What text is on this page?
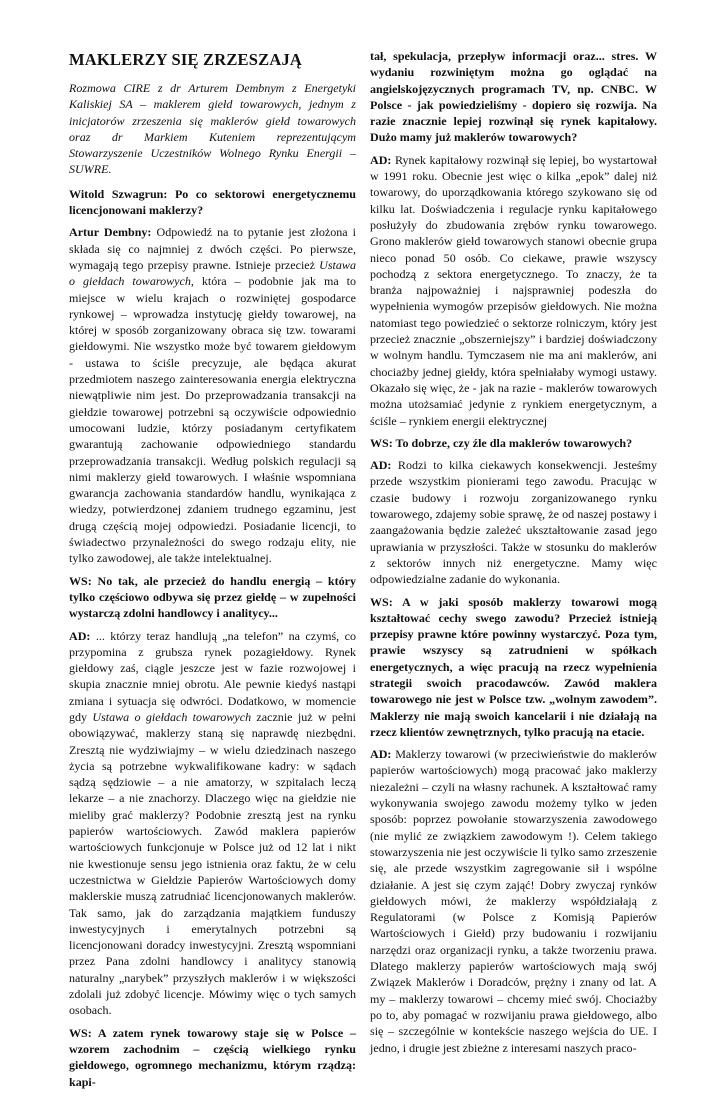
MAKLERZY SIĘ ZRZESZAJĄ

Rozmowa CIRE z dr Arturem Dembnym z Energetyki Kaliskiej SA – maklerem giełd towarowych, jednym z inicjatorów zrzeszenia się maklerów giełd towarowych oraz dr Markiem Kuteniem reprezentującym Stowarzyszenie Uczestników Wolnego Rynku Energii – SUWRE.

Witold Szwagrun: Po co sektorowi energetycznemu licencjonowani maklerzy?

Artur Dembny: Odpowiedź na to pytanie jest złożona i składa się co najmniej z dwóch części. Po pierwsze, wymagają tego przepisy prawne. Istnieje przecież Ustawa o giełdach towarowych, która – podobnie jak ma to miejsce w wielu krajach o rozwiniętej gospodarce rynkowej – wprowadza instytucję giełdy towarowej, na której w sposób zorganizowany obraca się tzw. towarami giełdowymi. Nie wszystko może być towarem giełdowym - ustawa to ściśle precyzuje, ale będąca akurat przedmiotem naszego zainteresowania energia elektryczna niewątpliwie nim jest. Do przeprowadzania transakcji na giełdzie towarowej potrzebni są oczywiście odpowiednio umocowani ludzie, którzy posiadanym certyfikatem gwarantują zachowanie odpowiedniego standardu przeprowadzania transakcji. Według polskich regulacji są nimi maklerzy giełd towarowych. I właśnie wspomniana gwarancja zachowania standardów handlu, wynikająca z wiedzy, potwierdzonej zdaniem trudnego egzaminu, jest drugą częścią mojej odpowiedzi. Posiadanie licencji, to świadectwo przynależności do swego rodzaju elity, nie tylko zawodowej, ale także intelektualnej.

WS: No tak, ale przecież do handlu energią – który tylko częściowo odbywa się przez giełdę – w zupełności wystarczą zdolni handlowcy i analitycy...

AD: ... którzy teraz handlują „na telefon” na czymś, co przypomina z grubsza rynek pozagiełdowy. Rynek giełdowy zaś, ciągle jeszcze jest w fazie rozwojowej i skupia znacznie mniej obrotu. Ale pewnie kiedyś nastąpi zmiana i sytuacja się odwróci. Dodatkowo, w momencie gdy Ustawa o giełdach towarowych zacznie już w pełni obowiązywać, maklerzy staną się naprawdę niezbędni. Zresztą nie wydziwiajmy – w wielu dziedzinach naszego życia są potrzebne wykwalifikowane kadry: w sądach sądzą sędziowie – a nie amatorzy, w szpitalach leczą lekarze – a nie znachorzy. Dlaczego więc na giełdzie nie mieliby grać maklerzy? Podobnie zresztą jest na rynku papierów wartościowych. Zawód maklera papierów wartościowych funkcjonuje w Polsce już od 12 lat i nikt nie kwestionuje sensu jego istnienia oraz faktu, że w celu uczestnictwa w Giełdzie Papierów Wartościowych domy maklerskie muszą zatrudniać licencjonowanych maklerów. Tak samo, jak do zarządzania majątkiem funduszy inwestycyjnych i emerytalnych potrzebni są licencjonowani doradcy inwestycyjni. Zresztą wspomniani przez Pana zdolni handlowcy i analitycy stanowią naturalny „narybek” przyszłych maklerów i w większości zdolali już zdobyć licencje. Mówimy więc o tych samych osobach.

WS: A zatem rynek towarowy staje się w Polsce – wzorem zachodnim – częścią wielkiego rynku giełdowego, ogromnego mechanizmu, którym rządzą: kapi-

tał, spekulacja, przepływ informacji oraz... stres. W wydaniu rozwiniętym można go oglądać na angielskojęzycznych programach TV, np. CNBC. W Polsce - jak powiedzieliśmy - dopiero się rozwija. Na razie znacznie lepiej rozwinął się rynek kapitałowy. Dużo mamy już maklerów towarowych?

AD: Rynek kapitałowy rozwinął się lepiej, bo wystartował w 1991 roku. Obecnie jest więc o kilka „epok” dalej niż towarowy, do uporządkowania którego szykowano się od kilku lat. Doświadczenia i regulacje rynku kapitałowego posłużyły do zbudowania zrębów rynku towarowego. Grono maklerów giełd towarowych stanowi obecnie grupa nieco ponad 50 osób. Co ciekawe, prawie wszyscy pochodzą z sektora energetycznego. To znaczy, że ta branża najpoważniej i najsprawniej podeszła do wypełnienia wymogów przepisów giełdowych. Nie można natomiast tego powiedzieć o sektorze rolniczym, który jest przecież znacznie „obszerniejszy” i bardziej doświadczony w wolnym handlu. Tymczasem nie ma ani maklerów, ani chociażby jednej giełdy, która spełniałaby wymogi ustawy. Okazało się więc, że - jak na razie - maklerów towarowych można utożsamiać jedynie z rynkiem energetycznym, a ściśle – rynkiem energii elektrycznej

WS: To dobrze, czy źle dla maklerów towarowych?

AD: Rodzi to kilka ciekawych konsekwencji. Jesteśmy przede wszystkim pionierami tego zawodu. Pracując w czasie budowy i rozwoju zorganizowanego rynku towarowego, zdajemy sobie sprawę, że od naszej postawy i zaangażowania będzie zależeć ukształtowanie zasad jego uprawiania w przyszłości. Także w stosunku do maklerów z sektorów innych niż energetyczne. Mamy więc odpowiedzialne zadanie do wykonania.

WS: A w jaki sposób maklerzy towarowi mogą kształtować cechy swego zawodu? Przecież istnieją przepisy prawne które powinny wystarczyć. Poza tym, prawie wszyscy są zatrudnieni w spółkach energetycznych, a więc pracują na rzecz wypełnienia strategii swoich pracodawców. Zawód maklera towarowego nie jest w Polsce tzw. „wolnym zawodem”. Maklerzy nie mają swoich kancelarii i nie działają na rzecz klientów zewnętrznych, tylko pracują na etacie.

AD: Maklerzy towarowi (w przeciwieństwie do maklerów papierów wartościowych) mogą pracować jako maklerzy niezależni – czyli na własny rachunek. A kształtować ramy wykonywania swojego zawodu możemy tylko w jeden sposób: poprzez powołanie stowarzyszenia zawodowego (nie mylić ze związkiem zawodowym !). Celem takiego stowarzyszenia nie jest oczywiście li tylko samo zrzeszenie się, ale przede wszystkim zagregowanie sił i wspólne działanie. A jest się czym zająć! Dobry zwyczaj rynków giełdowych mówi, że maklerzy współdziałają z Regulatorami (w Polsce z Komisją Papierów Wartościowych i Giełd) przy budowaniu i rozwijaniu narzędzi oraz organizacji rynku, a także tworzeniu prawa. Dlatego maklerzy papierów wartościowych mają swój Związek Maklerów i Doradców, prężny i znany od lat. A my – maklerzy towarowi – chcemy mieć swój. Chociażby po to, aby pomagać w rozwijaniu prawa giełdowego, albo się – szczególnie w kontekście naszego wejścia do UE. I jedno, i drugie jest zbieżne z interesami naszych praco-
